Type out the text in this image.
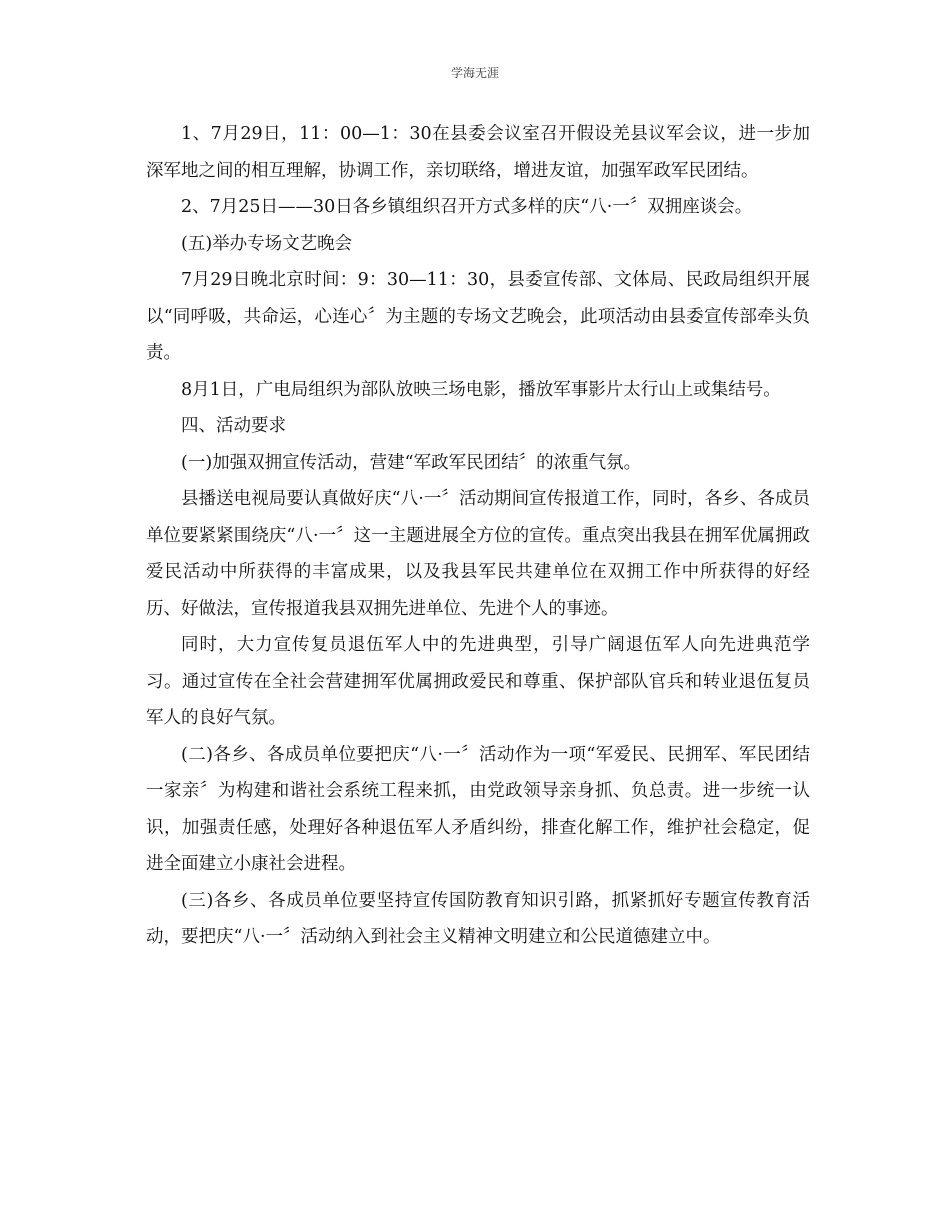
学海无涯

1、7月29日，11：00—1：30在县委会议室召开假设羌县议军会议，进一步加深军地之间的相互理解，协调工作，亲切联络，增进友谊，加强军政军民团结。

2、7月25日——30日各乡镇组织召开方式多样的庆“八·一〞双拥座谈会。

(五)举办专场文艺晚会

7月29日晚北京时间：9：30—11：30，县委宣传部、文体局、民政局组织开展以“同呼吸，共命运，心连心〞为主题的专场文艺晚会，此项活动由县委宣传部牵头负责。

8月1日，广电局组织为部队放映三场电影，播放军事影片太行山上或集结号。

四、活动要求

(一)加强双拥宣传活动，营建“军政军民团结〞的浓重气氛。

县播送电视局要认真做好庆“八·一〞活动期间宣传报道工作，同时，各乡、各成员单位要紧紧围绕庆“八·一〞这一主题进展全方位的宣传。重点突出我县在拥军优属拥政爱民活动中所获得的丰富成果，以及我县军民共建单位在双拥工作中所获得的好经历、好做法，宣传报道我县双拥先进单位、先进个人的事迹。

同时，大力宣传复员退伍军人中的先进典型，引导广阔退伍军人向先进典范学习。通过宣传在全社会营建拥军优属拥政爱民和尊重、保护部队官兵和转业退伍复员军人的良好气氛。

(二)各乡、各成员单位要把庆“八·一〞活动作为一项“军爱民、民拥军、军民团结一家亲〞为构建和谐社会系统工程来抓，由党政领导亲身抓、负总责。进一步统一认识，加强责任感，处理好各种退伍军人矛盾纠纷，排查化解工作，维护社会稳定，促进全面建立小康社会进程。

(三)各乡、各成员单位要坚持宣传国防教育知识引路，抓紧抓好专题宣传教育活动，要把庆“八·一〞活动纳入到社会主义精神文明建立和公民道德建立中。
